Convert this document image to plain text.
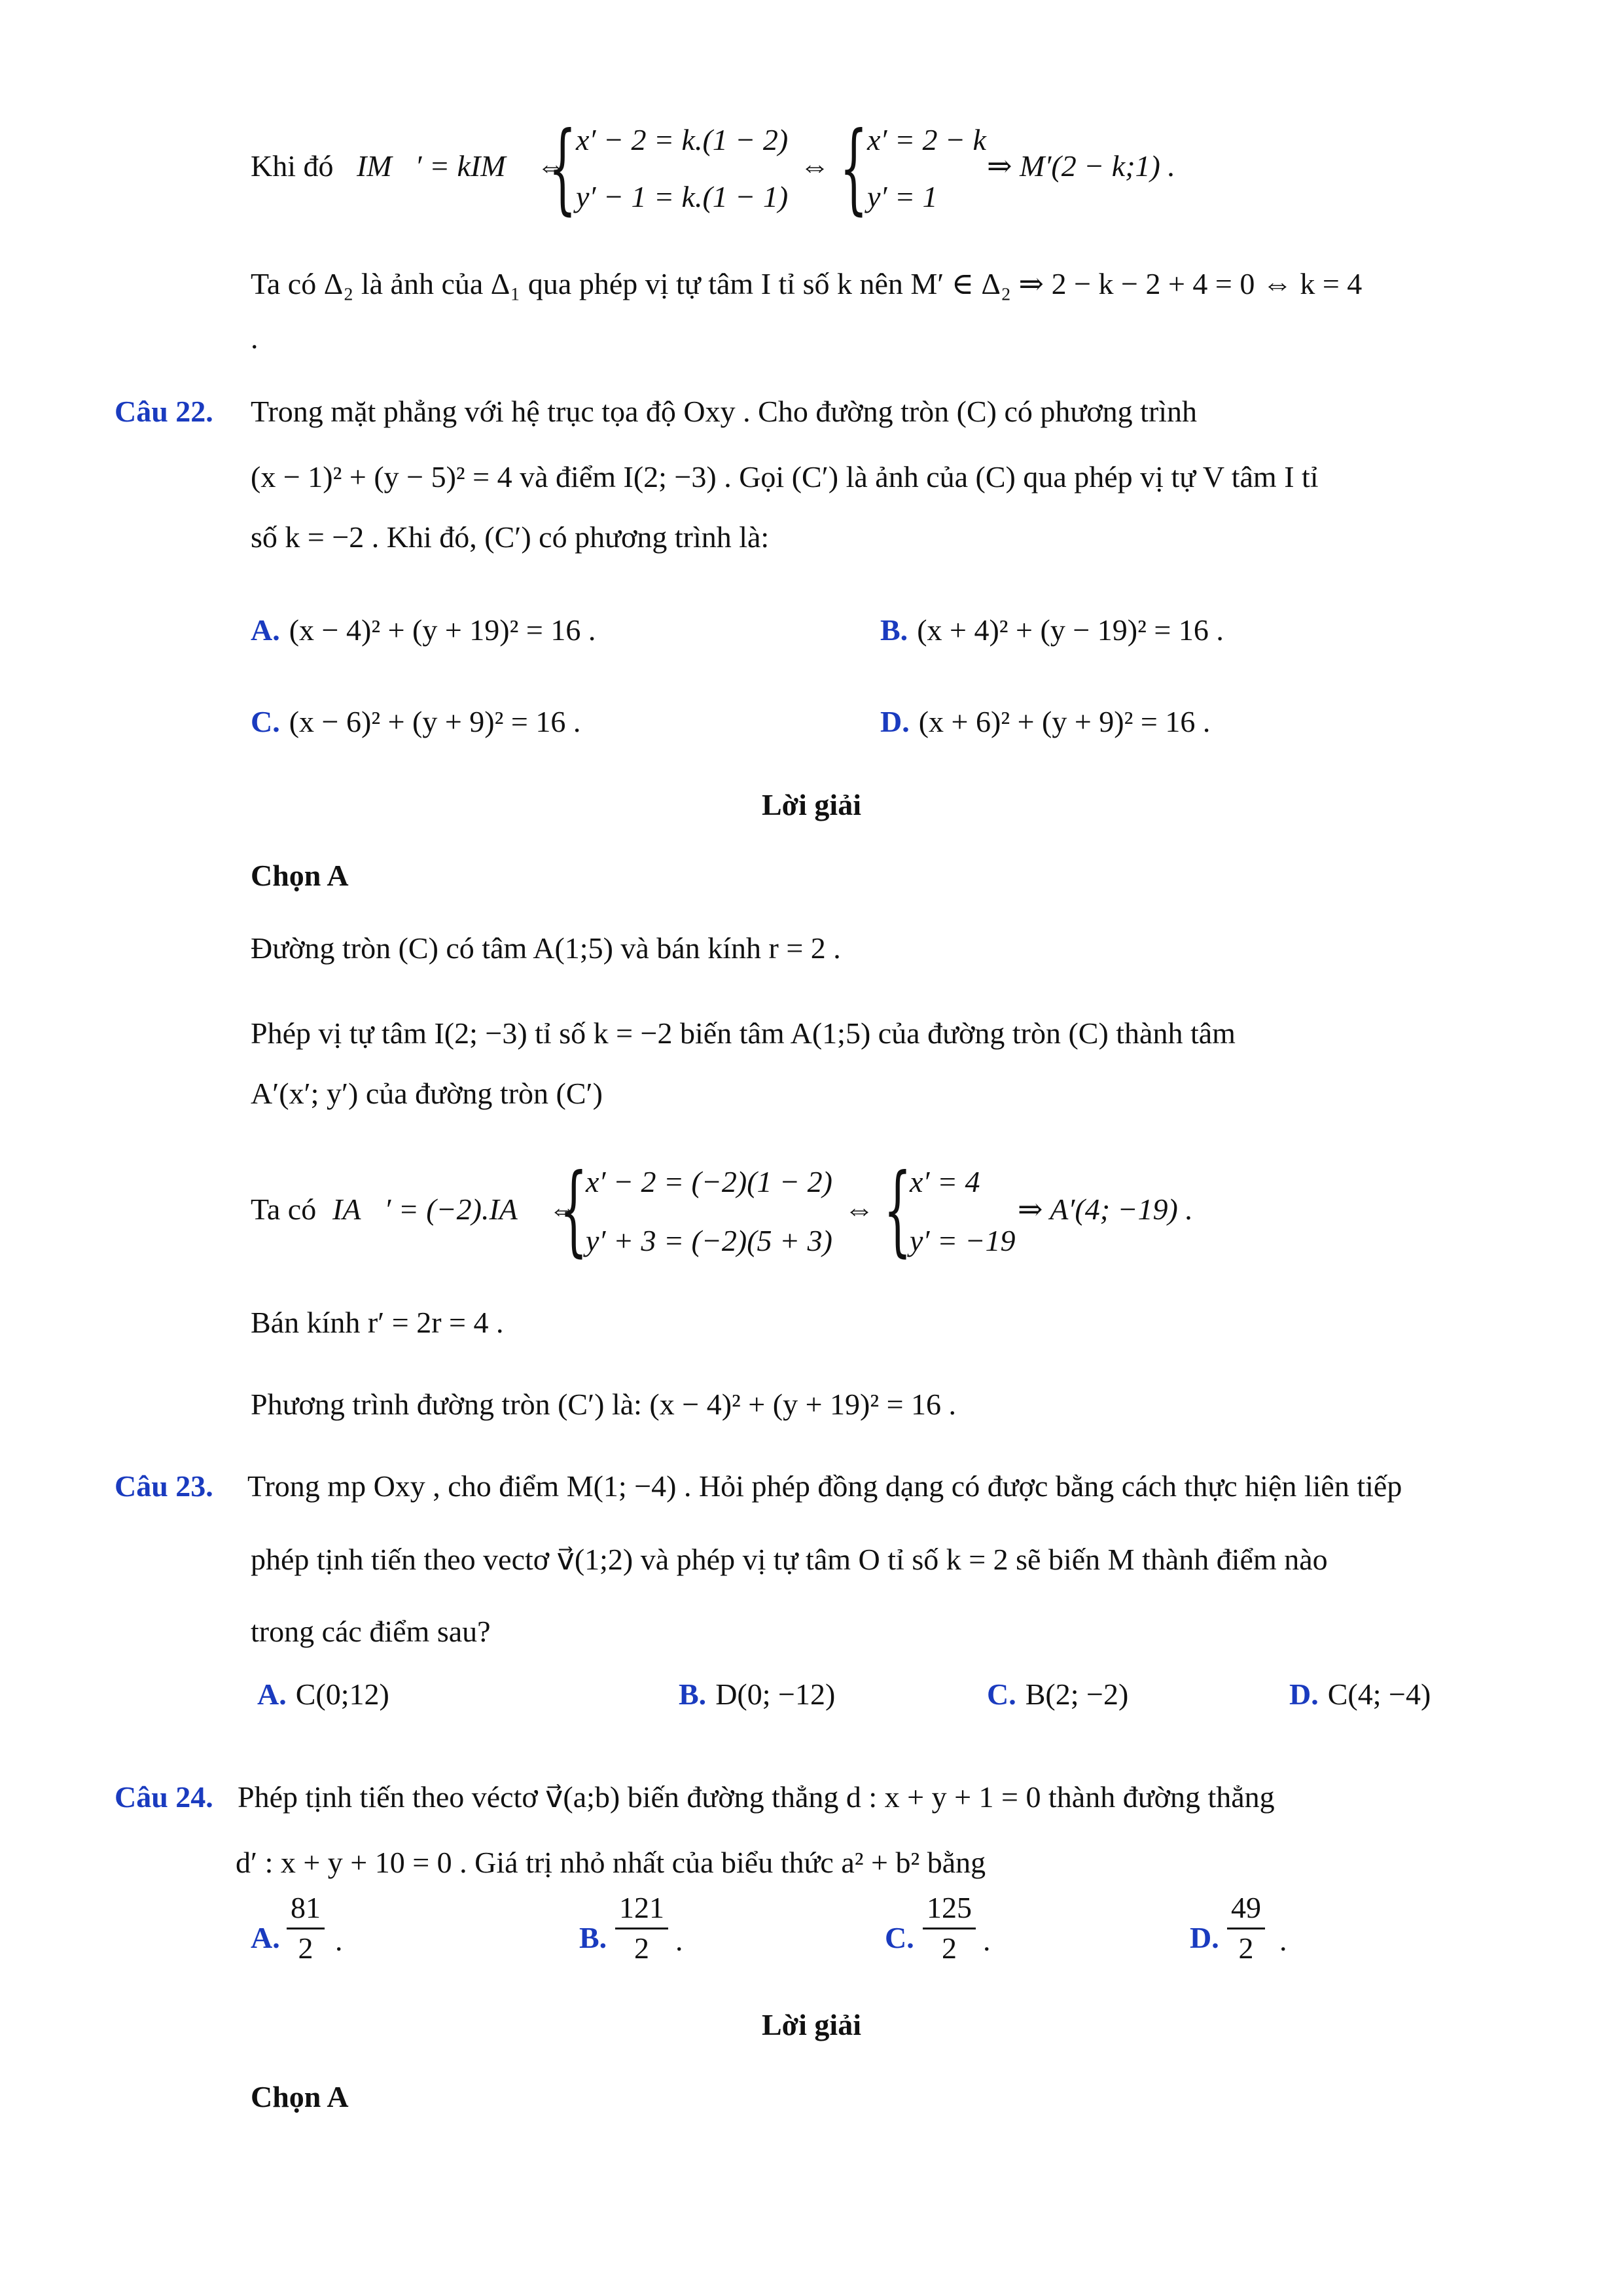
Khi đó IM⃗′ = kIM⃗ ⇔
{ x′ − 2 = k.(1 − 2)
y′ − 1 = k.(1 − 1)
⇔ { x′ = 2 − k
y′ = 1
⇒ M′(2 − k;1) .
Ta có Δ₂ là ảnh của Δ₁ qua phép vị tự tâm I tỉ số k nên M′ ∈ Δ₂ ⇒ 2 − k − 2 + 4 = 0 ⇔ k = 4
.
Câu 22. Trong mặt phẳng với hệ trục tọa độ Oxy . Cho đường tròn (C) có phương trình
(x − 1)² + (y − 5)² = 4 và điểm I(2; −3) . Gọi (C′) là ảnh của (C) qua phép vị tự V tâm I tỉ
số k = −2 . Khi đó, (C′) có phương trình là:
A. (x − 4)² + (y + 19)² = 16 .	B. (x + 4)² + (y − 19)² = 16 .
C. (x − 6)² + (y + 9)² = 16 .	D. (x + 6)² + (y + 9)² = 16 .
Lời giải
Chọn A
Đường tròn (C) có tâm A(1;5) và bán kính r = 2 .
Phép vị tự tâm I(2; −3) tỉ số k = −2 biến tâm A(1;5) của đường tròn (C) thành tâm
A′(x′; y′) của đường tròn (C′)
Ta có IA⃗′ = (−2).IA⃗ ⇔
{
x′ − 2 = (−2)(1 − 2)
y′ + 3 = (−2)(5 + 3)
⇔ {
x′ = 4
y′ = −19
⇒ A′(4; −19) .
Bán kính r′ = 2r = 4 .
Phương trình đường tròn (C′) là: (x − 4)² + (y + 19)² = 16 .
Câu 23. Trong mp Oxy , cho điểm M(1; −4) . Hỏi phép đồng dạng có được bằng cách thực hiện liên tiếp
phép tịnh tiến theo vectơ v⃗(1;2) và phép vị tự tâm O tỉ số k = 2 sẽ biến M thành điểm nào
trong các điểm sau?
A. C(0;12)	B. D(0; −12)	C. B(2; −2)	D. C(4; −4)
Câu 24. Phép tịnh tiến theo véctơ v⃗(a;b) biến đường thẳng d : x + y + 1 = 0 thành đường thẳng
d′ : x + y + 10 = 0 . Giá trị nhỏ nhất của biểu thức a² + b² bằng
A. $\frac{81}{2}$ .	B. $\frac{121}{2}$ .	C. $\frac{125}{2}$ .	D. $\frac{49}{2}$ .
Lời giải
Chọn A
